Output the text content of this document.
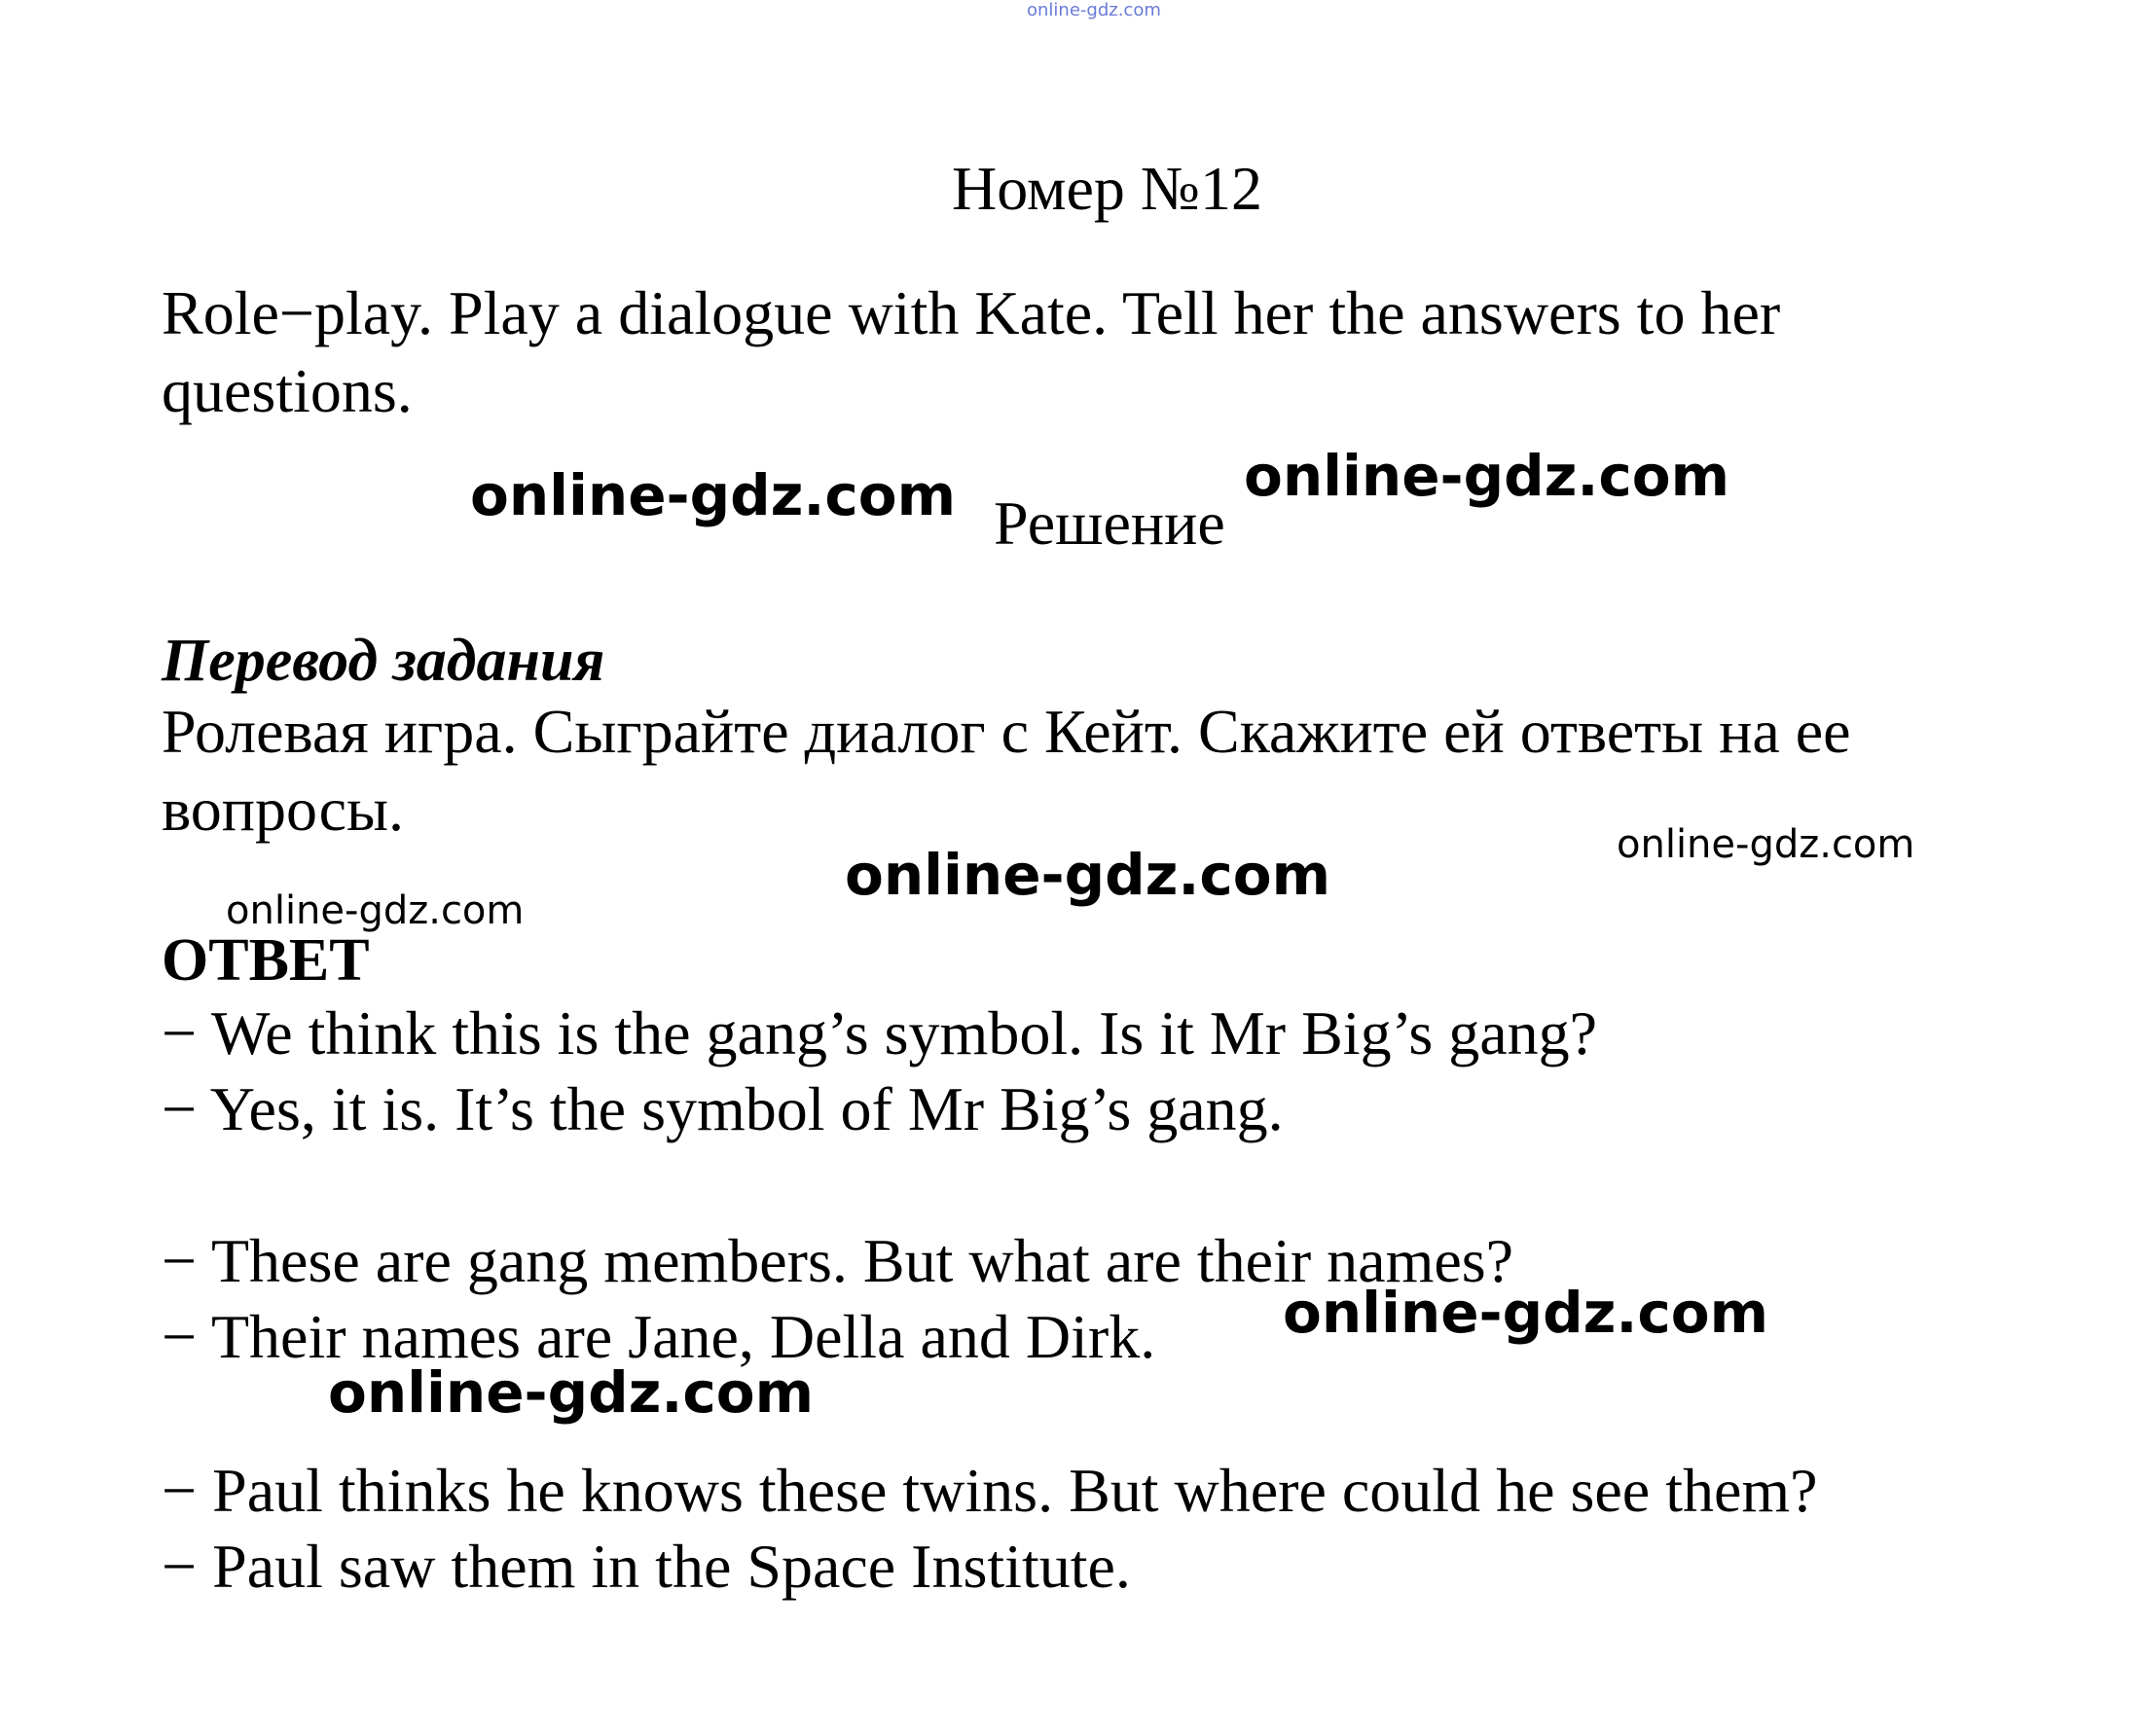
online-gdz.com
Номер №12
Role−play. Play a dialogue with Kate. Tell her the answers to her
questions.
online-gdz.com Решение
online-gdz.com
Перевод задания
Ролевая игра. Сыграйте диалог с Кейт. Скажите ей ответы на ее
вопросы.
online-gdz.com
online-gdz.com
online-gdz.com
ОТВЕТ
− We think this is the gang’s symbol. Is it Mr Big’s gang?
− Yes, it is. It’s the symbol of Mr Big’s gang.
− These are gang members. But what are their names?
− Their names are Jane, Della and Dirk. online-gdz.com
online-gdz.com
− Paul thinks he knows these twins. But where could he see them?
− Paul saw them in the Space Institute.
